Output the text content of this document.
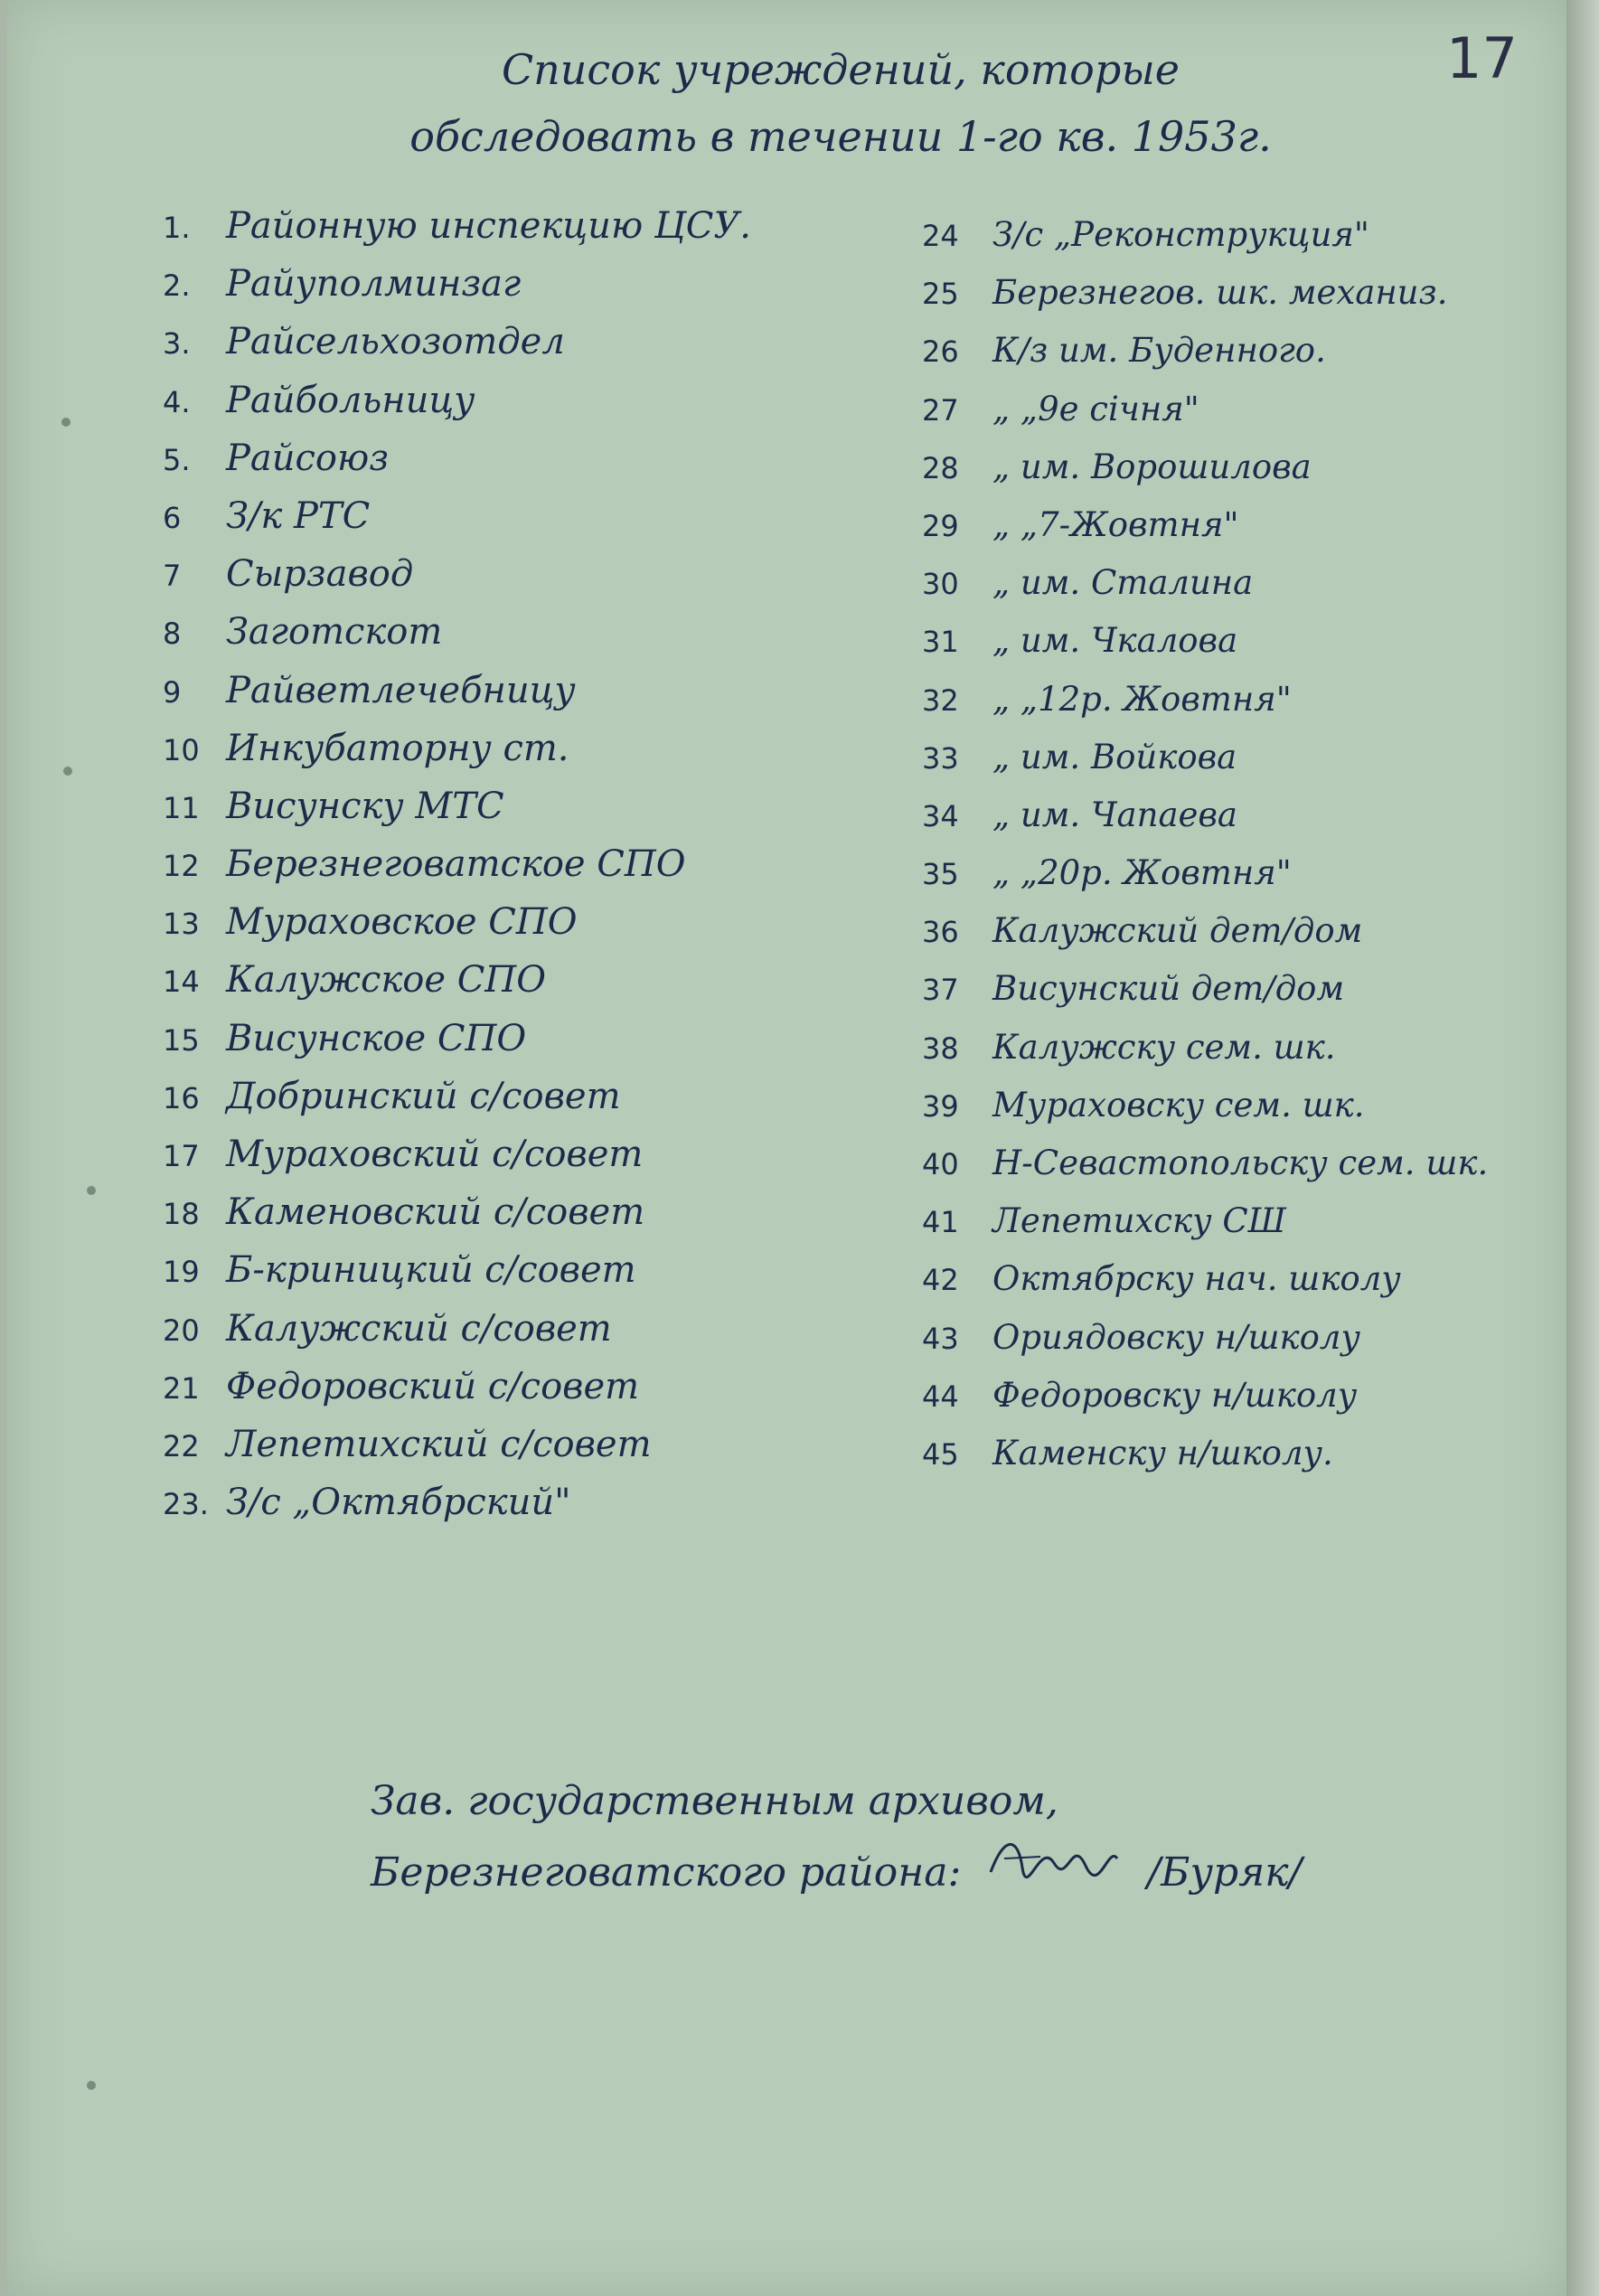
17
Список учреждений, которые
обследовать в течении 1-го кв. 1953г.
1. Районную инспекцию ЦСУ.
2. Райуполминзаг
3. Райсельхозотдел
4. Райбольницу
5. Райсоюз
6	З/к РТС
7	Сырзавод
8	Заготскот
9	Райветлечебницу
10 Инкубаторну ст.
11 Висунску МТС
12 Березнеговатское СПО
13 Мураховское СПО
14 Калужское СПО
15 Висунское СПО
16 Добринский с/совет
17 Мураховский с/совет
18 Каменовский с/совет
19 Б-криницкий с/совет
20 Калужский с/совет
21 Федоровский с/совет
22 Лепетихский с/совет
23. З/с „Октябрский"
24	З/с „Реконструкция"
25	Березнегов. шк. механиз.
26	К/з им. Буденного.
27	„ „9е січня"
28	„ им. Ворошилова
29	„ „7-Жовтня"
30	„ им. Сталина
31	„ им. Чкалова
32	„ „12р. Жовтня"
33	„ им. Войкова
34	„ им. Чапаева
35	„ „20р. Жовтня"
36	Калужский дет/дом
37	Висунский дет/дом
38	Калужску сем. шк.
39	Мураховску сем. шк.
40	Н-Севастопольску сем. шк.
41	Лепетихску СШ
42	Октябрску нач. школу
43	Ориядовску н/школу
44	Федоровску н/школу
45	Каменску н/школу.
Зав. государственным архивом,
Березнеговатского района:	/Буряк/
